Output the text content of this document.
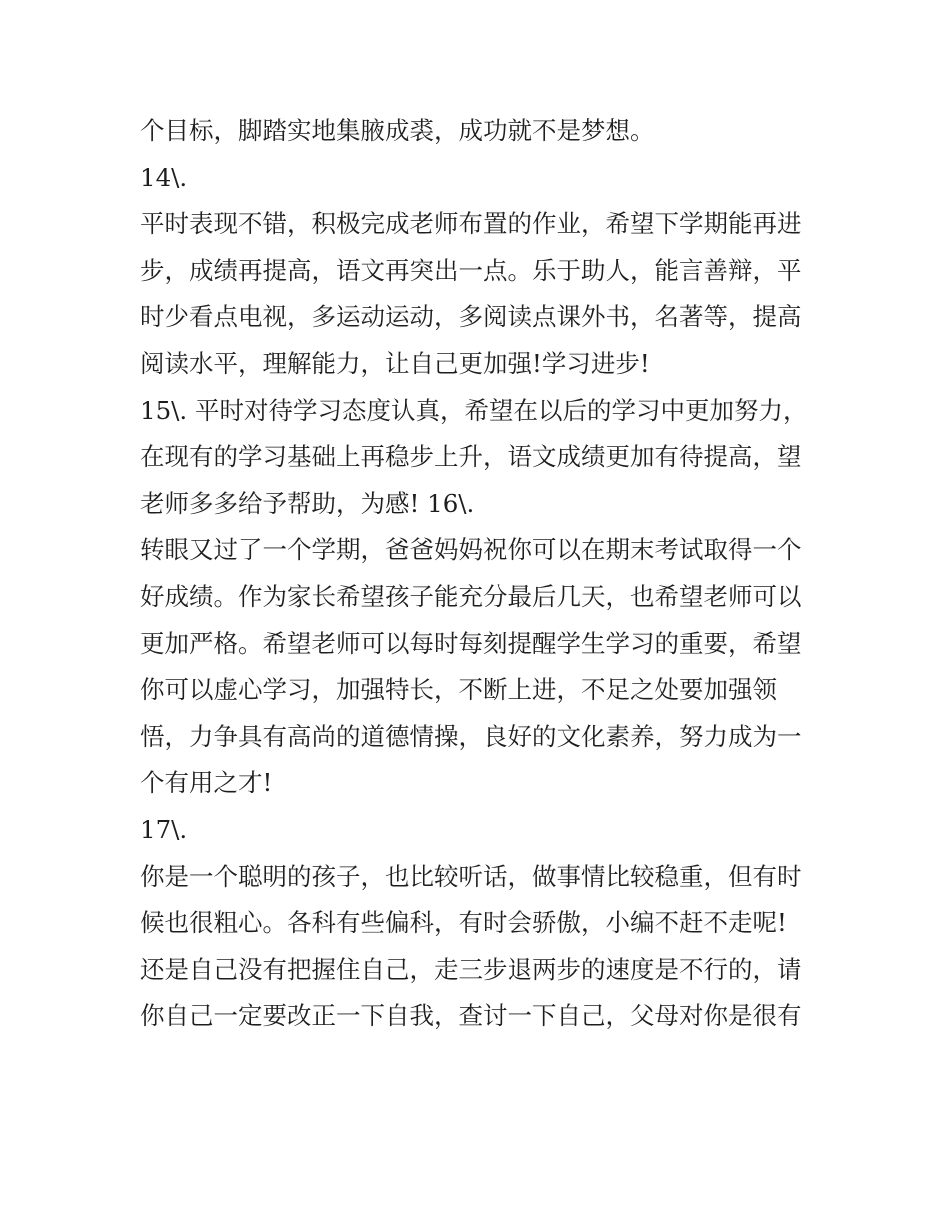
个目标，脚踏实地集腋成裘，成功就不是梦想。
14\.
平时表现不错，积极完成老师布置的作业，希望下学期能再进
步，成绩再提高，语文再突出一点。乐于助人，能言善辩，平
时少看点电视，多运动运动，多阅读点课外书，名著等，提高
阅读水平，理解能力，让自己更加强!学习进步!
15\. 平时对待学习态度认真，希望在以后的学习中更加努力，
在现有的学习基础上再稳步上升，语文成绩更加有待提高，望
老师多多给予帮助，为感! 16\.
转眼又过了一个学期，爸爸妈妈祝你可以在期末考试取得一个
好成绩。作为家长希望孩子能充分最后几天，也希望老师可以
更加严格。希望老师可以每时每刻提醒学生学习的重要，希望
你可以虚心学习，加强特长，不断上进，不足之处要加强领
悟，力争具有高尚的道德情操，良好的文化素养，努力成为一
个有用之才!
17\.
你是一个聪明的孩子，也比较听话，做事情比较稳重，但有时
候也很粗心。各科有些偏科，有时会骄傲，小编不赶不走呢!
还是自己没有把握住自己，走三步退两步的速度是不行的，请
你自己一定要改正一下自我，查讨一下自己，父母对你是很有
